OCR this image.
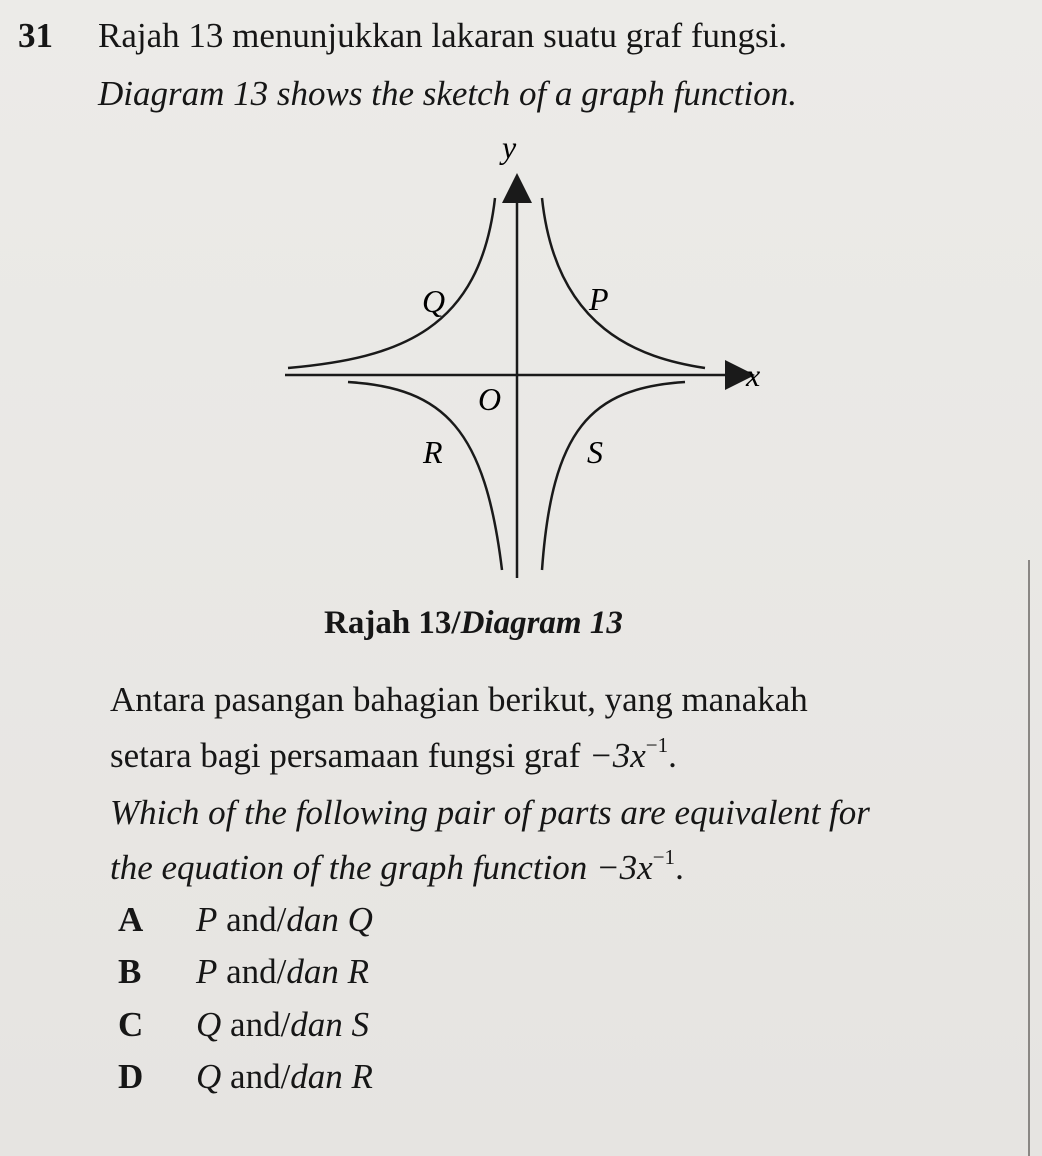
31 Rajah 13 menunjukkan lakaran suatu graf fungsi.
Diagram 13 shows the sketch of a graph function.
y
x
O
Q	P
R	S
Rajah 13/Diagram 13
Antara pasangan bahagian berikut, yang manakah
setara bagi persamaan fungsi graf $-3x^{-1}$.
Which of the following pair of parts are equivalent for
the equation of the graph function $-3x^{-1}$.
A P and/dan Q
B P and/dan R
C Q and/dan S
D Q and/dan R
